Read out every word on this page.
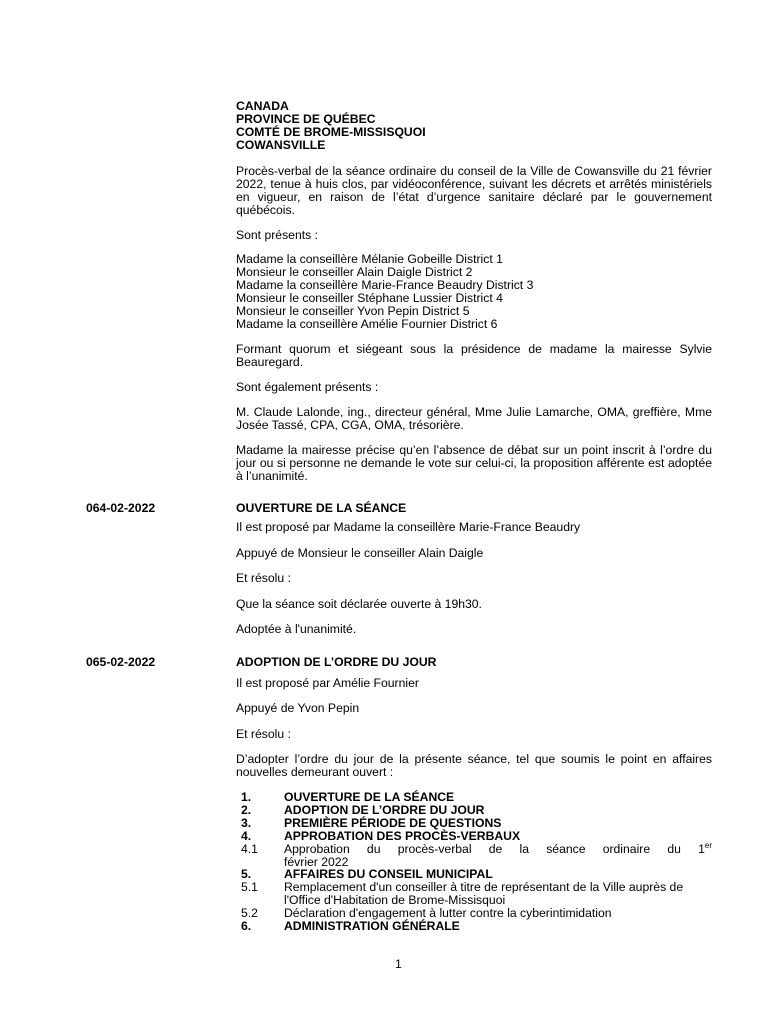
CANADA
PROVINCE DE QUÉBEC
COMTÉ DE BROME-MISSISQUOI
COWANSVILLE
Procès-verbal de la séance ordinaire du conseil de la Ville de Cowansville du 21 février 2022, tenue à huis clos, par vidéoconférence, suivant les décrets et arrêtés ministériels en vigueur, en raison de l’état d’urgence sanitaire déclaré par le gouvernement québécois.
Sont présents :
Madame la conseillère Mélanie Gobeille District 1
Monsieur le conseiller Alain Daigle District 2
Madame la conseillère Marie-France Beaudry District 3
Monsieur le conseiller Stéphane Lussier District 4
Monsieur le conseiller Yvon Pepin District 5
Madame la conseillère Amélie Fournier District 6
Formant quorum et siégeant sous la présidence de madame la mairesse Sylvie Beauregard.
Sont également présents :
M. Claude Lalonde, ing., directeur général, Mme Julie Lamarche, OMA, greffière, Mme Josée Tassé, CPA, CGA, OMA, trésorière.
Madame la mairesse précise qu’en l’absence de débat sur un point inscrit à l’ordre du jour ou si personne ne demande le vote sur celui-ci, la proposition afférente est adoptée à l’unanimité.
064-02-2022	OUVERTURE DE LA SÉANCE
Il est proposé par Madame la conseillère Marie-France Beaudry
Appuyé de Monsieur le conseiller Alain Daigle
Et résolu :
Que la séance soit déclarée ouverte à 19h30.
Adoptée à l'unanimité.
065-02-2022	ADOPTION DE L’ORDRE DU JOUR
Il est proposé par Amélie Fournier
Appuyé de Yvon Pepin
Et résolu :
D’adopter l’ordre du jour de la présente séance, tel que soumis le point en affaires nouvelles demeurant ouvert :
1.	OUVERTURE DE LA SÉANCE
2.	ADOPTION DE L’ORDRE DU JOUR
3.	PREMIÈRE PÉRIODE DE QUESTIONS
4.	APPROBATION DES PROCÈS-VERBAUX
4.1 Approbation du procès-verbal de la séance ordinaire du 1er
février 2022
5.	AFFAIRES DU CONSEIL MUNICIPAL
5.1 Remplacement d'un conseiller à titre de représentant de la Ville auprès de l'Office d'Habitation de Brome-Missisquoi
5.2 Déclaration d'engagement à lutter contre la cyberintimidation
6.	ADMINISTRATION GÉNÉRALE
1
